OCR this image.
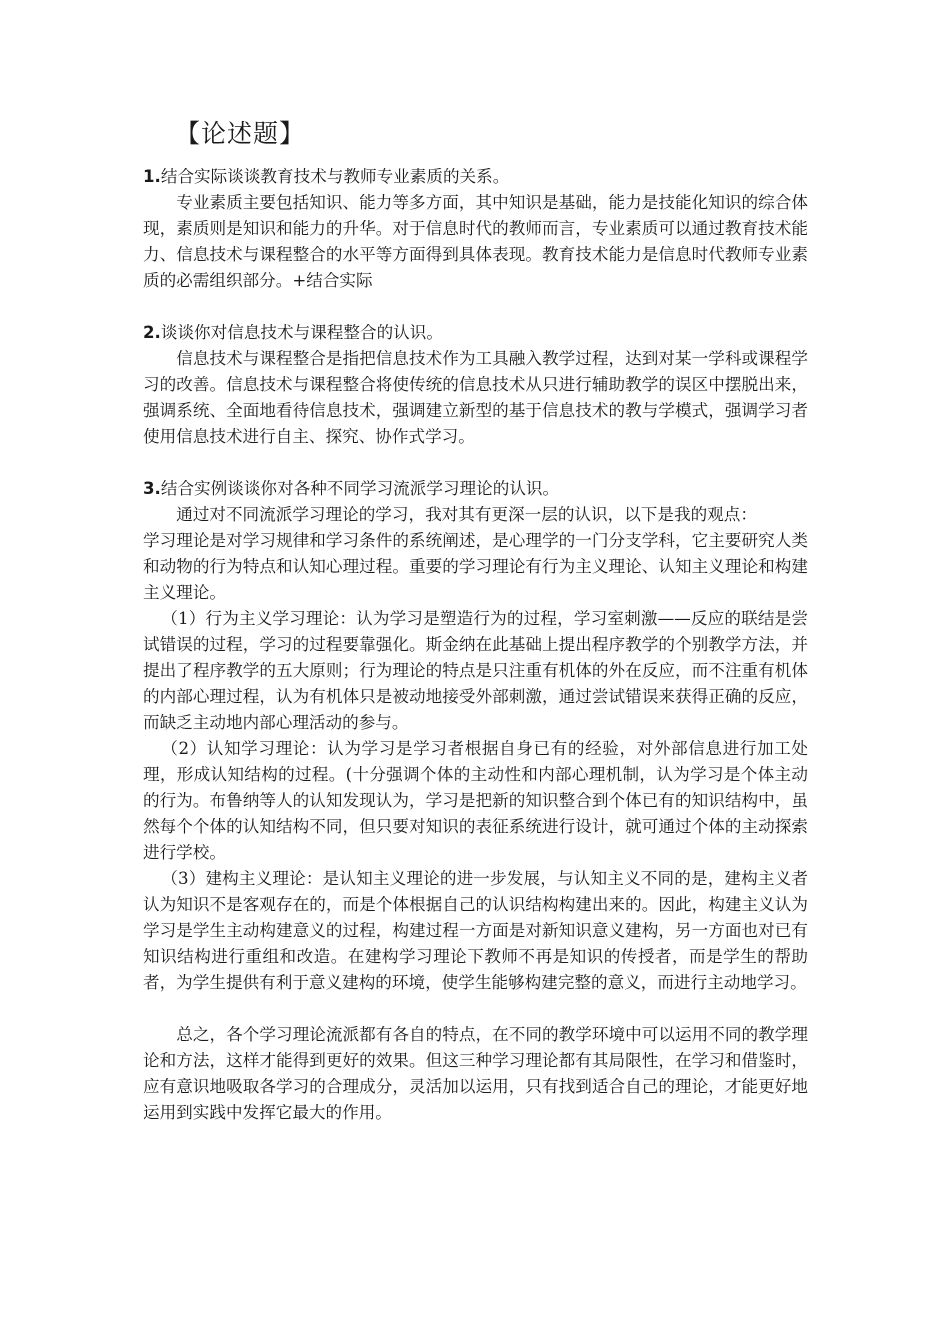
【论述题】

1.结合实际谈谈教育技术与教师专业素质的关系。

专业素质主要包括知识、能力等多方面，其中知识是基础，能力是技能化知识的综合体现，素质则是知识和能力的升华。对于信息时代的教师而言，专业素质可以通过教育技术能力、信息技术与课程整合的水平等方面得到具体表现。教育技术能力是信息时代教师专业素质的必需组织部分。+结合实际

2.谈谈你对信息技术与课程整合的认识。

信息技术与课程整合是指把信息技术作为工具融入教学过程，达到对某一学科或课程学习的改善。信息技术与课程整合将使传统的信息技术从只进行辅助教学的误区中摆脱出来，强调系统、全面地看待信息技术，强调建立新型的基于信息技术的教与学模式，强调学习者使用信息技术进行自主、探究、协作式学习。

3.结合实例谈谈你对各种不同学习流派学习理论的认识。

通过对不同流派学习理论的学习，我对其有更深一层的认识，以下是我的观点：

学习理论是对学习规律和学习条件的系统阐述，是心理学的一门分支学科，它主要研究人类和动物的行为特点和认知心理过程。重要的学习理论有行为主义理论、认知主义理论和构建主义理论。

（1）行为主义学习理论：认为学习是塑造行为的过程，学习室刺激——反应的联结是尝试错误的过程，学习的过程要靠强化。斯金纳在此基础上提出程序教学的个别教学方法，并提出了程序教学的五大原则；行为理论的特点是只注重有机体的外在反应，而不注重有机体的内部心理过程，认为有机体只是被动地接受外部刺激，通过尝试错误来获得正确的反应，而缺乏主动地内部心理活动的参与。

（2）认知学习理论：认为学习是学习者根据自身已有的经验，对外部信息进行加工处理，形成认知结构的过程。(十分强调个体的主动性和内部心理机制，认为学习是个体主动的行为。布鲁纳等人的认知发现认为，学习是把新的知识整合到个体已有的知识结构中，虽然每个个体的认知结构不同，但只要对知识的表征系统进行设计，就可通过个体的主动探索进行学校。

（3）建构主义理论：是认知主义理论的进一步发展，与认知主义不同的是，建构主义者认为知识不是客观存在的，而是个体根据自己的认识结构构建出来的。因此，构建主义认为学习是学生主动构建意义的过程，构建过程一方面是对新知识意义建构，另一方面也对已有知识结构进行重组和改造。在建构学习理论下教师不再是知识的传授者，而是学生的帮助者，为学生提供有利于意义建构的环境，使学生能够构建完整的意义，而进行主动地学习。

总之，各个学习理论流派都有各自的特点，在不同的教学环境中可以运用不同的教学理论和方法，这样才能得到更好的效果。但这三种学习理论都有其局限性，在学习和借鉴时，应有意识地吸取各学习的合理成分，灵活加以运用，只有找到适合自己的理论，才能更好地运用到实践中发挥它最大的作用。
